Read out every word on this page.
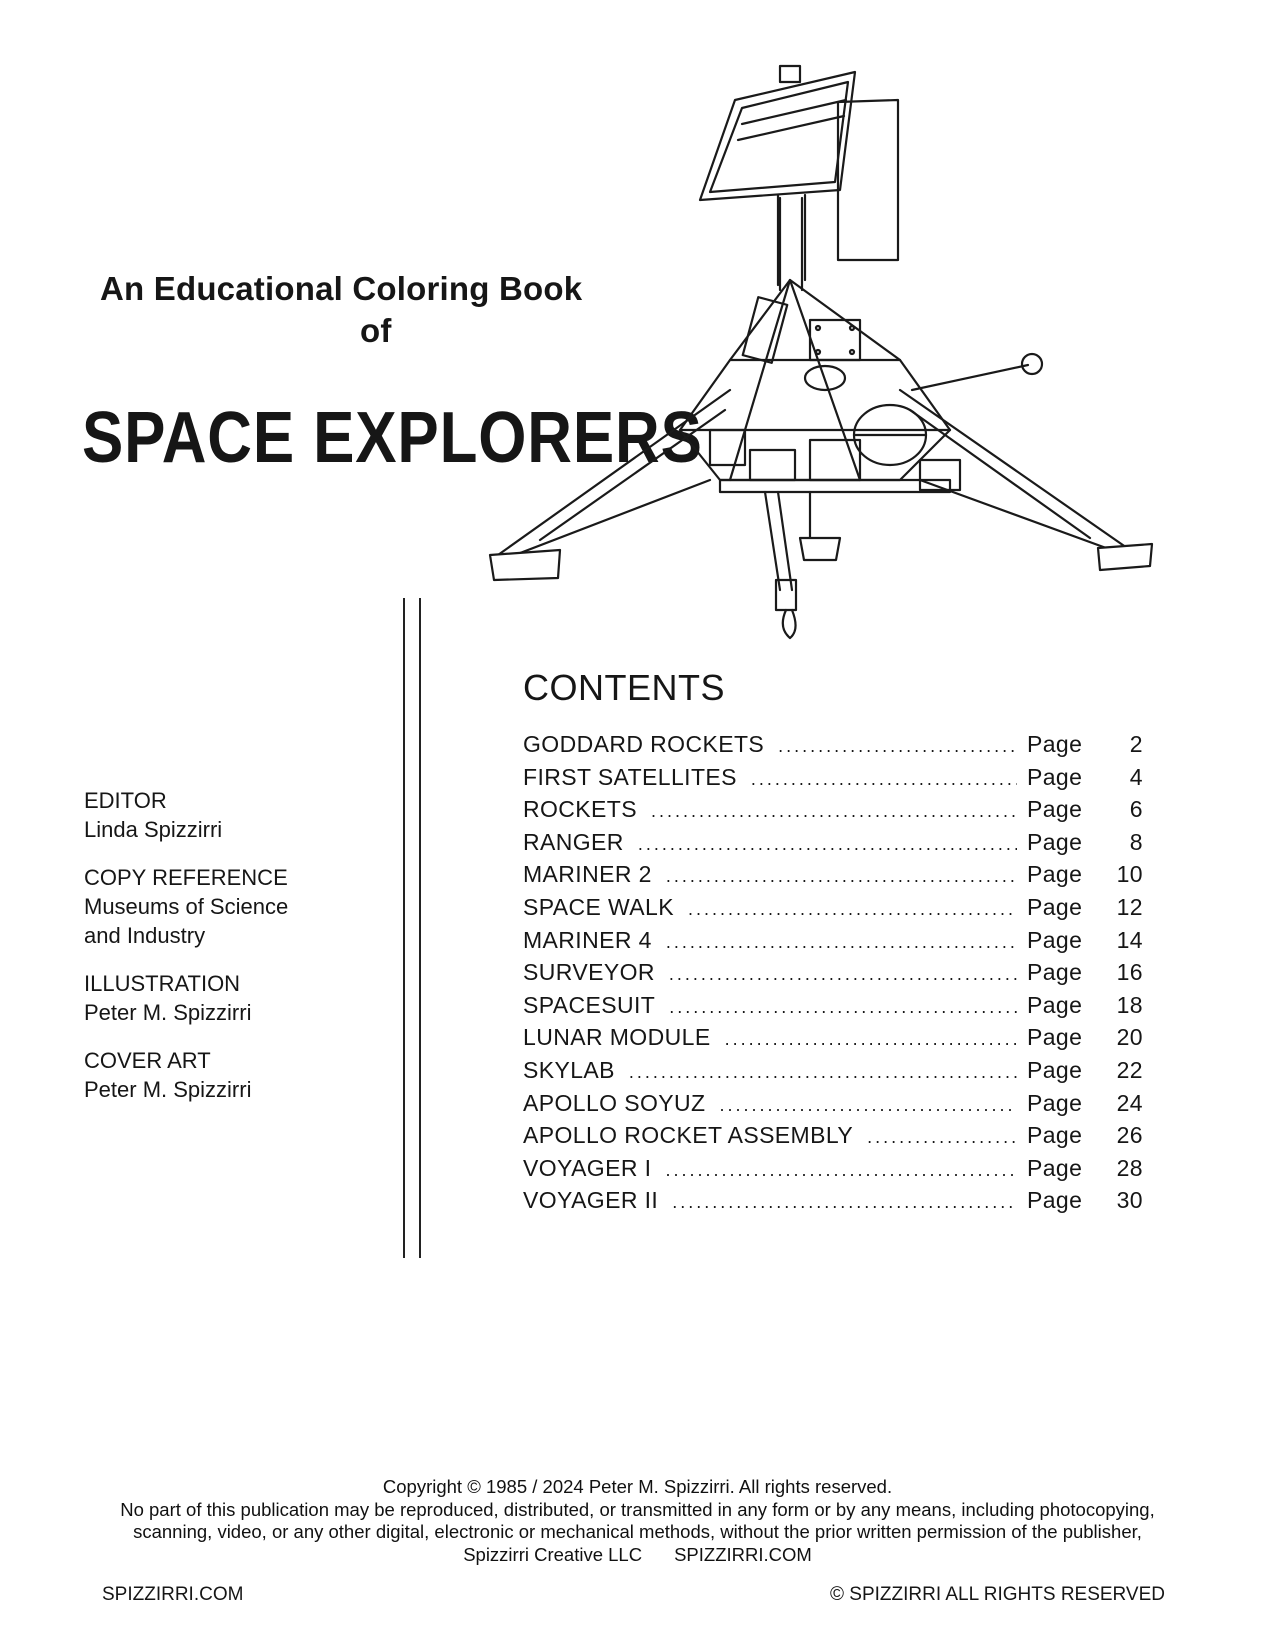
An Educational Coloring Book
of
SPACE EXPLORERS
EDITOR
Linda Spizzirri
COPY REFERENCE
Museums of Science
and Industry
ILLUSTRATION
Peter M. Spizzirri
COVER ART
Peter M. Spizzirri
CONTENTS
GODDARD ROCKETS .....	Page	2
FIRST SATELLITES .....	Page	4
ROCKETS .....	Page	6
RANGER .....	Page	8
MARINER 2 .....	Page	10
SPACE WALK .....	Page	12
MARINER 4 .....	Page	14
SURVEYOR .....	Page	16
SPACESUIT .....	Page	18
LUNAR MODULE .....	Page	20
SKYLAB .....	Page	22
APOLLO SOYUZ .....	Page	24
APOLLO ROCKET ASSEMBLY .....	Page	26
VOYAGER I .....	Page	28
VOYAGER II .....	Page	30
Copyright © 1985 / 2024 Peter M. Spizzirri. All rights reserved.
No part of this publication may be reproduced, distributed, or transmitted in any form or by any means, including photocopying,
scanning, video, or any other digital, electronic or mechanical methods, without the prior written permission of the publisher,
Spizzirri Creative LLC SPIZZIRRI.COM
SPIZZIRRI.COM	© SPIZZIRRI ALL RIGHTS RESERVED
